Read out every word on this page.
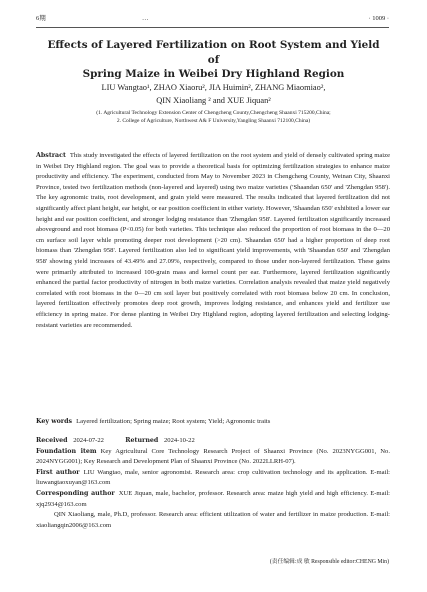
6期	…	· 1009 ·
Effects of Layered Fertilization on Root System and Yield of
Spring Maize in Weibei Dry Highland Region
LIU Wangtao¹, ZHAO Xiaoru², JIA Huimin², ZHANG Miaomiao²,
QIN Xiaoliang ² and XUE Jiquan²
(1. Agricultural Technology Extension Center of Chengcheng County,Chengcheng Shaanxi 715200,China;
2. College of Agriculture, Northwest A& F University,Yangling Shaanxi 712100,China)
Abstract This study investigated the effects of layered fertilization on the root system and yield of densely cultivated spring maize in Weibei Dry Highland region. The goal was to provide a theoretical basis for optimizing fertilization strategies to enhance maize productivity and efficiency. The experiment, conducted from May to November 2023 in Chengcheng County, Weinan City, Shaanxi Province, tested two fertilization methods (non-layered and layered) using two maize varieties ('Shaandan 650' and 'Zhengdan 958'). The key agronomic traits, root development, and grain yield were measured. The results indicated that layered fertilization did not significantly affect plant height, ear height, or ear position coefficient in either variety. However, 'Shaandan 650' exhibited a lower ear height and ear position coefficient, and stronger lodging resistance than 'Zhengdan 958'. Layered fertilization significantly increased aboveground and root biomass (P<0.05) for both varieties. This technique also reduced the proportion of root biomass in the 0—20 cm surface soil layer while promoting deeper root development (>20 cm). 'Shaandan 650' had a higher proportion of deep root biomass than 'Zhengdan 958'. Layered fertilization also led to significant yield improvements, with 'Shaandan 650' and 'Zhengdan 958' showing yield increases of 43.49% and 27.09%, respectively, compared to those under non-layered fertilization. These gains were primarily attributed to increased 100-grain mass and kernel count per ear. Furthermore, layered fertilization significantly enhanced the partial factor productivity of nitrogen in both maize varieties. Correlation analysis revealed that maize yield negatively correlated with root biomass in the 0—20 cm soil layer but positively correlated with root biomass below 20 cm. In conclusion, layered fertilization effectively promotes deep root growth, improves lodging resistance, and enhances yield and fertilizer use efficiency in spring maize. For dense planting in Weibei Dry Highland region, adopting layered fertilization and selecting lodging-resistant varieties are recommended.
Key words Layered fertilization; Spring maize; Root system; Yield; Agronomic traits

Received 2024-07-22	Returned 2024-10-22

Foundation item Key Agricultural Core Technology Research Project of Shaanxi Province (No. 2023NYGG001, No. 2024NYGG001); Key Research and Development Plan of Shaanxi Province (No. 2022LLRH-07).

First author LIU Wangtao, male, senior agronomist. Research area: crop cultivation technology and its application. E-mail: liuwangtaoxuyan@163.com

Corresponding author XUE Jiquan, male, bachelor, professor. Research area: maize high yield and high efficiency. E-mail: xjq2934@163.com

QIN Xiaoliang, male, Ph.D, professor. Research area: efficient utilization of water and fertilizer in maize production. E-mail: xiaoliangqin2006@163.com

(责任编辑:成 敏 Responsible editor:CHENG Min)
